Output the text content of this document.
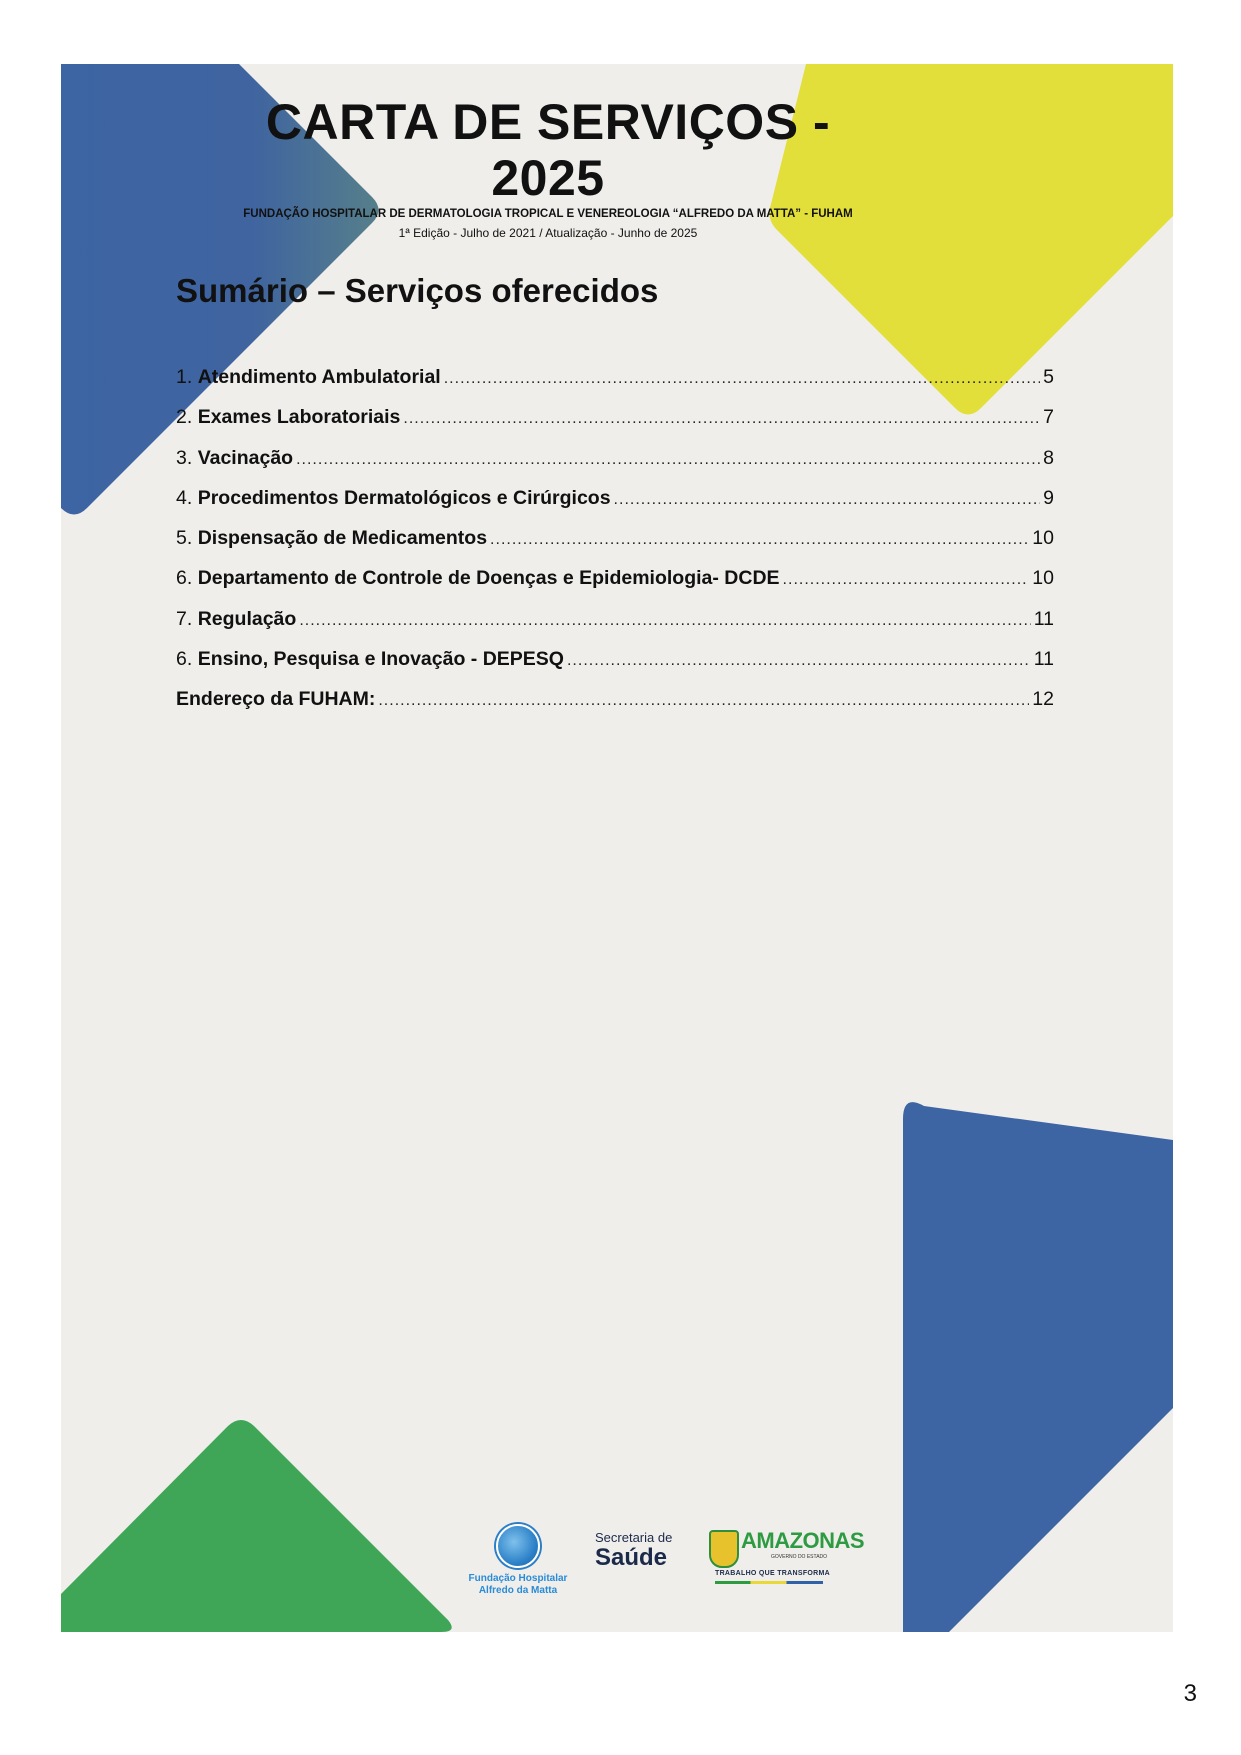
CARTA DE SERVIÇOS - 2025
FUNDAÇÃO HOSPITALAR DE DERMATOLOGIA TROPICAL E VENEREOLOGIA “ALFREDO DA MATTA” - FUHAM
1ª Edição - Julho de 2021 / Atualização - Junho de 2025
Sumário – Serviços oferecidos
1. Atendimento Ambulatorial .....	5
2. Exames Laboratoriais .....	7
3. Vacinação .....	8
4. Procedimentos Dermatológicos e Cirúrgicos .....	9
5. Dispensação de Medicamentos .....	10
6. Departamento de Controle de Doenças e Epidemiologia- DCDE .....	10
7. Regulação .....	11
6. Ensino, Pesquisa e Inovação - DEPESQ .....	11
Endereço da FUHAM: .....	12
Fundação Hospitalar Alfredo da Matta
Secretaria de
Saúde
AMAZONAS
GOVERNO DO ESTADO
TRABALHO QUE TRANSFORMA
3
